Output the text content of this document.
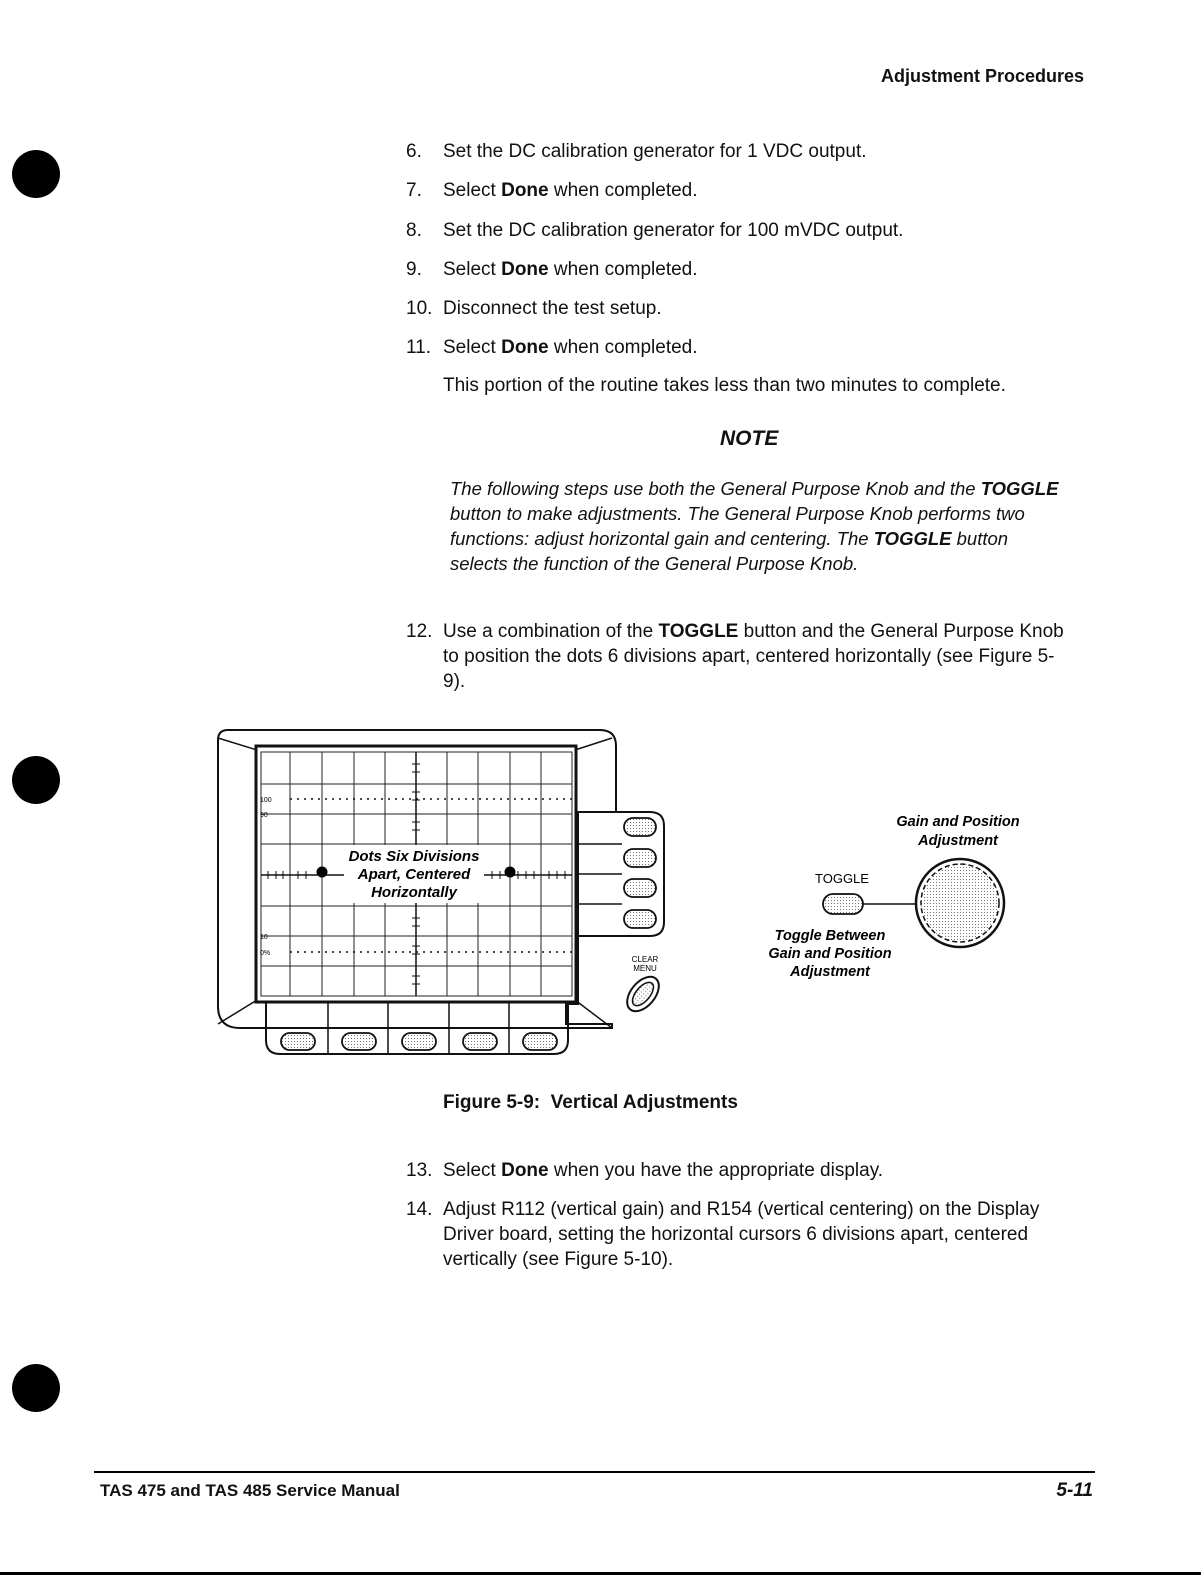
Adjustment Procedures
6.	Set the DC calibration generator for 1 VDC output.
7.	Select Done when completed.
8.	Set the DC calibration generator for 100 mVDC output.
9.	Select Done when completed.
10. Disconnect the test setup.
11. Select Done when completed.
This portion of the routine takes less than two minutes to complete.
NOTE
The following steps use both the General Purpose Knob and the TOGGLE button to make adjustments. The General Purpose Knob performs two functions: adjust horizontal gain and centering. The TOGGLE button selects the function of the General Purpose Knob.
12. Use a combination of the TOGGLE button and the General Purpose Knob to position the dots 6 divisions apart, centered horizontally (see Figure 5-9).
100
90
10
0%
Dots Six Divisions
Apart, Centered
Horizontally
CLEAR
MENU
Gain and Position
Adjustment
TOGGLE
Toggle Between
Gain and Position
Adjustment
Figure 5-9:  Vertical Adjustments
13. Select Done when you have the appropriate display.
14. Adjust R112 (vertical gain) and R154 (vertical centering) on the Display Driver board, setting the horizontal cursors 6 divisions apart, centered vertically (see Figure 5-10).
TAS 475 and TAS 485 Service Manual	5-11
